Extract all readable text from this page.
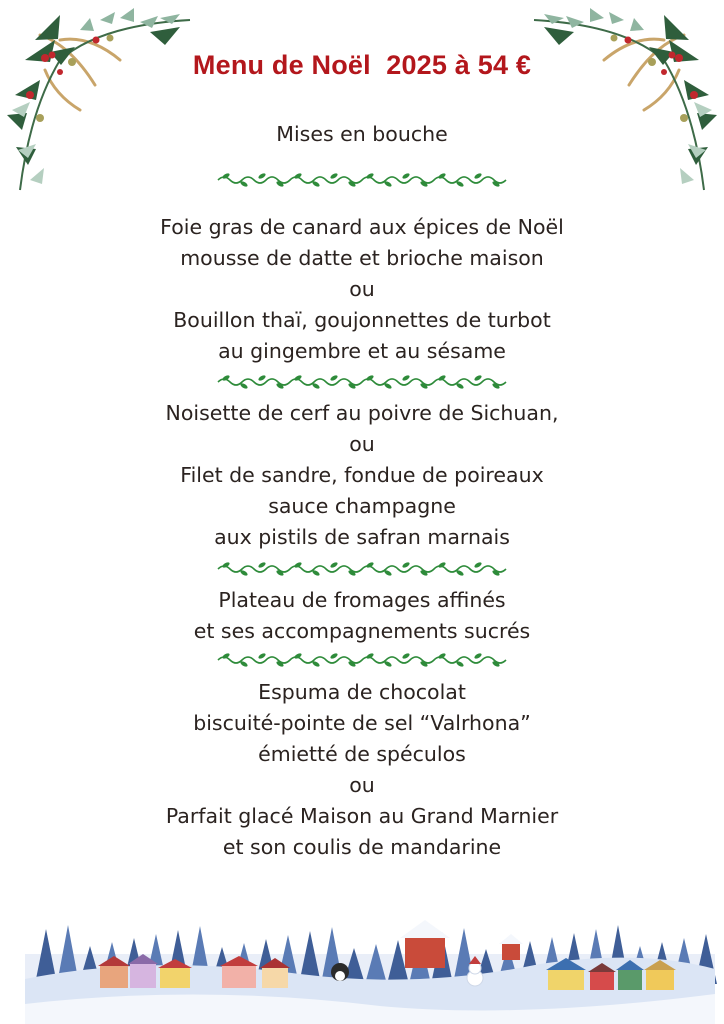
Menu de Noël  2025 à 54 €
Mises en bouche
Foie gras de canard aux épices de Noël
mousse de datte et brioche maison
ou
Bouillon thaï, goujonnettes de turbot
au gingembre et au sésame
Noisette de cerf au poivre de Sichuan,
ou
Filet de sandre, fondue de poireaux
sauce champagne
aux pistils de safran marnais
Plateau de fromages affinés
et ses accompagnements sucrés
Espuma de chocolat
biscuité-pointe de sel “Valrhona”
émietté de spéculos
ou
Parfait glacé Maison au Grand Marnier
et son coulis de mandarine
